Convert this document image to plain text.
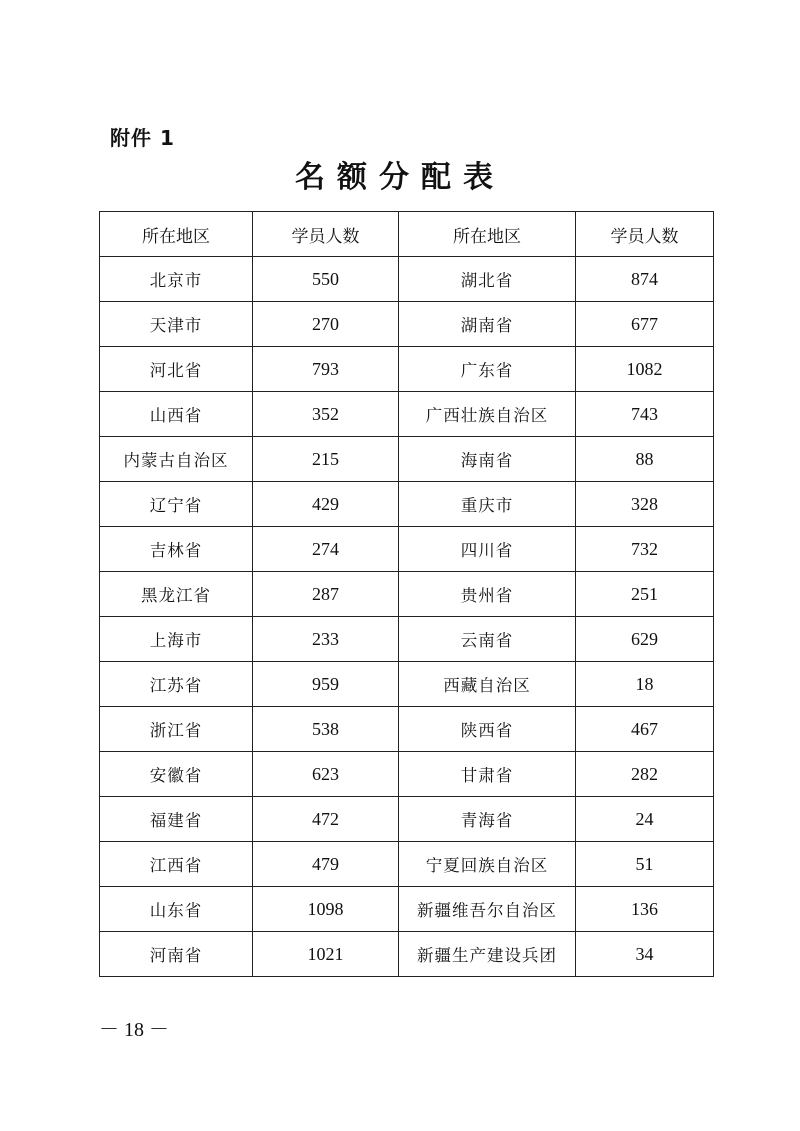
附件 1
名额分配表
所在地区	学员人数	所在地区	学员人数
北京市	550	湖北省	874
天津市	270	湖南省	677
河北省	793	广东省	1082
山西省	352	广西壮族自治区	743
内蒙古自治区	215	海南省	88
辽宁省	429	重庆市	328
吉林省	274	四川省	732
黑龙江省	287	贵州省	251
上海市	233	云南省	629
江苏省	959	西藏自治区	18
浙江省	538	陕西省	467
安徽省	623	甘肃省	282
福建省	472	青海省	24
江西省	479	宁夏回族自治区	51
山东省	1098	新疆维吾尔自治区	136
河南省	1021	新疆生产建设兵团	34
－ 18 －
